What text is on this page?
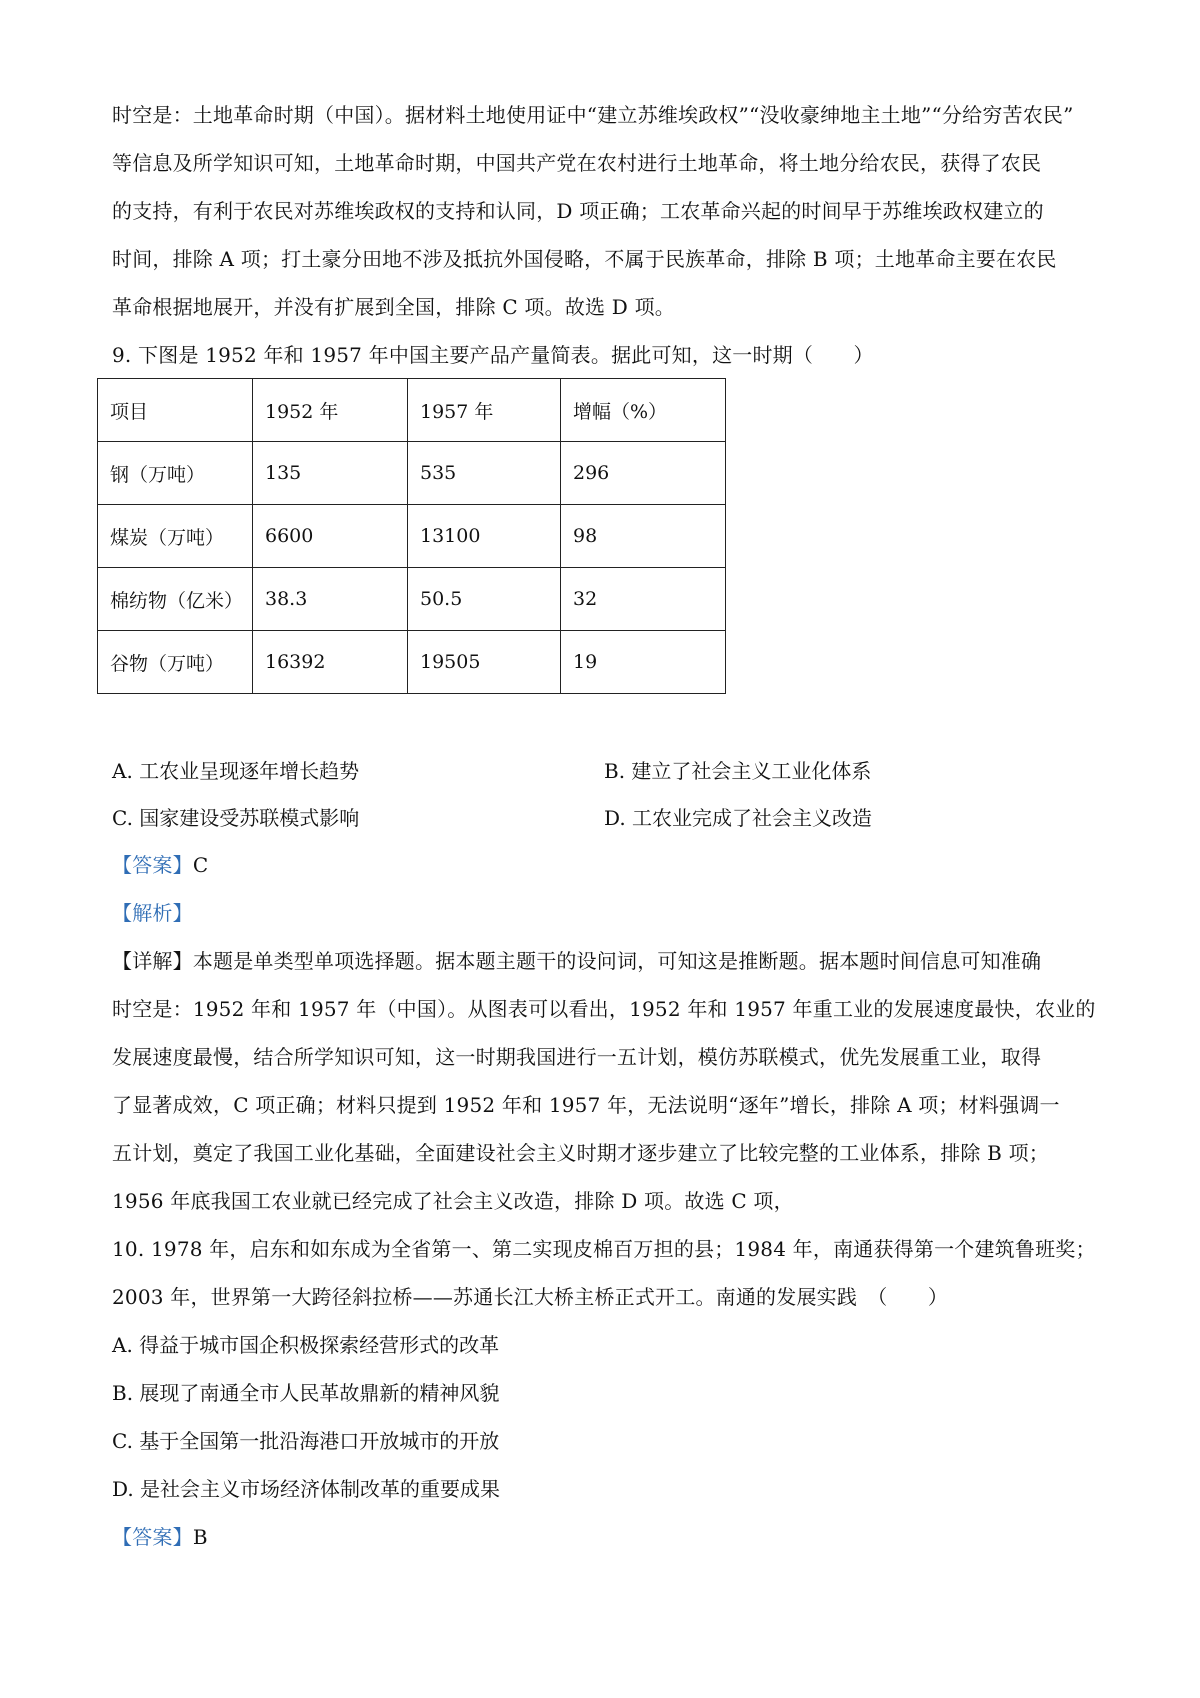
时空是：土地革命时期（中国）。据材料土地使用证中“建立苏维埃政权”“没收豪绅地主土地”“分给穷苦农民”
等信息及所学知识可知，土地革命时期，中国共产党在农村进行土地革命，将土地分给农民，获得了农民
的支持，有利于农民对苏维埃政权的支持和认同，D 项正确；工农革命兴起的时间早于苏维埃政权建立的
时间，排除 A 项；打土豪分田地不涉及抵抗外国侵略，不属于民族革命，排除 B 项；土地革命主要在农民
革命根据地展开，并没有扩展到全国，排除 C 项。故选 D 项。
9. 下图是 1952 年和 1957 年中国主要产品产量简表。据此可知，这一时期（　　）
项目	1952 年	1957 年	增幅（%）
钢（万吨）	135	535	296
煤炭（万吨）	6600	13100	98
棉纺物（亿米）	38.3	50.5	32
谷物（万吨）	16392	19505	19
A. 工农业呈现逐年增长趋势	B. 建立了社会主义工业化体系
C. 国家建设受苏联模式影响	D. 工农业完成了社会主义改造
【答案】C
【解析】
【详解】本题是单类型单项选择题。据本题主题干的设问词，可知这是推断题。据本题时间信息可知准确
时空是：1952 年和 1957 年（中国）。从图表可以看出，1952 年和 1957 年重工业的发展速度最快，农业的
发展速度最慢，结合所学知识可知，这一时期我国进行一五计划，模仿苏联模式，优先发展重工业，取得
了显著成效，C 项正确；材料只提到 1952 年和 1957 年，无法说明“逐年”增长，排除 A 项；材料强调一
五计划，奠定了我国工业化基础，全面建设社会主义时期才逐步建立了比较完整的工业体系，排除 B 项；
1956 年底我国工农业就已经完成了社会主义改造，排除 D 项。故选 C 项，
10. 1978 年，启东和如东成为全省第一、第二实现皮棉百万担的县；1984 年，南通获得第一个建筑鲁班奖；
2003 年，世界第一大跨径斜拉桥——苏通长江大桥主桥正式开工。南通的发展实践　（　　）
A. 得益于城市国企积极探索经营形式的改革
B. 展现了南通全市人民革故鼎新的精神风貌
C. 基于全国第一批沿海港口开放城市的开放
D. 是社会主义市场经济体制改革的重要成果
【答案】B
